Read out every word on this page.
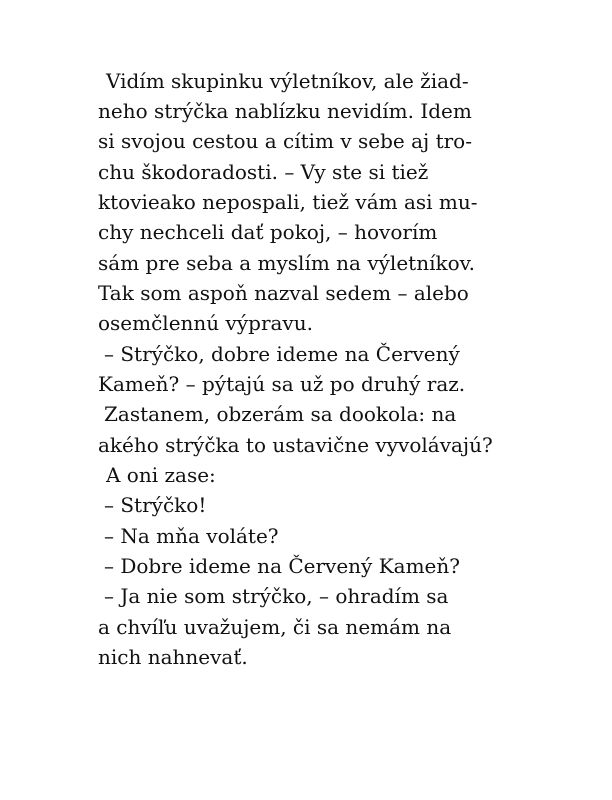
Vidím skupinku výletníkov, ale žiad-
neho strýčka nablízku nevidím. Idem
si svojou cestou a cítim v sebe aj tro-
chu škodoradosti. – Vy ste si tiež
ktovieako nepospali, tiež vám asi mu-
chy nechceli dať pokoj, – hovorím
sám pre seba a myslím na výletníkov.
Tak som aspoň nazval sedem – alebo
osemčlennú výpravu.
– Strýčko, dobre ideme na Červený
Kameň? – pýtajú sa už po druhý raz.
Zastanem, obzerám sa dookola: na
akého strýčka to ustavične vyvolávajú?
A oni zase:
– Strýčko!
– Na mňa voláte?
– Dobre ideme na Červený Kameň?
– Ja nie som strýčko, – ohradím sa
a chvíľu uvažujem, či sa nemám na
nich nahnevať.
